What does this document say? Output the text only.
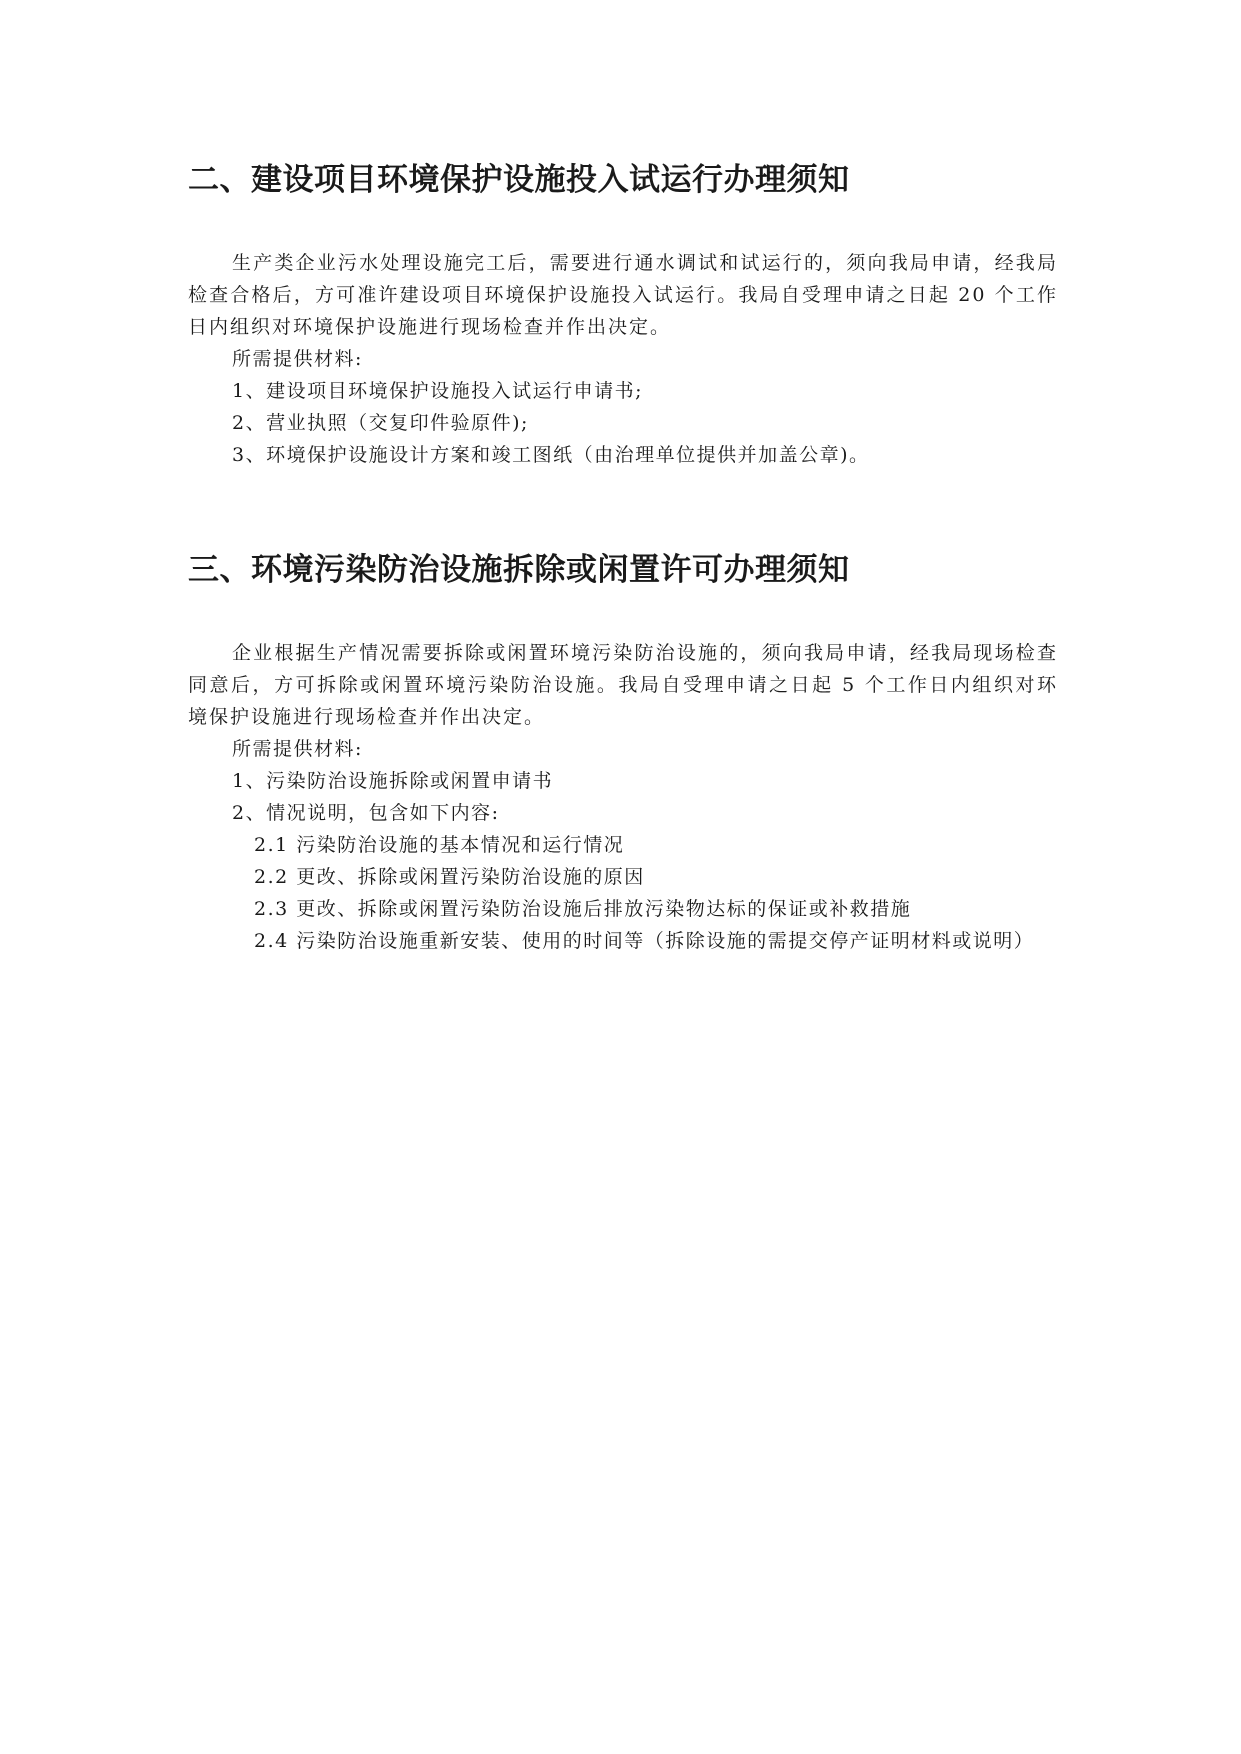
二、建设项目环境保护设施投入试运行办理须知

生产类企业污水处理设施完工后，需要进行通水调试和试运行的，须向我局申请，经我局检查合格后，方可准许建设项目环境保护设施投入试运行。我局自受理申请之日起 20 个工作日内组织对环境保护设施进行现场检查并作出决定。

所需提供材料:

1、建设项目环境保护设施投入试运行申请书;

2、营业执照（交复印件验原件);

3、环境保护设施设计方案和竣工图纸（由治理单位提供并加盖公章)。

三、环境污染防治设施拆除或闲置许可办理须知

企业根据生产情况需要拆除或闲置环境污染防治设施的，须向我局申请，经我局现场检查同意后，方可拆除或闲置环境污染防治设施。我局自受理申请之日起 5 个工作日内组织对环境保护设施进行现场检查并作出决定。

所需提供材料:

1、污染防治设施拆除或闲置申请书

2、情况说明，包含如下内容:

2.1 污染防治设施的基本情况和运行情况

2.2 更改、拆除或闲置污染防治设施的原因

2.3 更改、拆除或闲置污染防治设施后排放污染物达标的保证或补救措施

2.4 污染防治设施重新安装、使用的时间等（拆除设施的需提交停产证明材料或说明）
